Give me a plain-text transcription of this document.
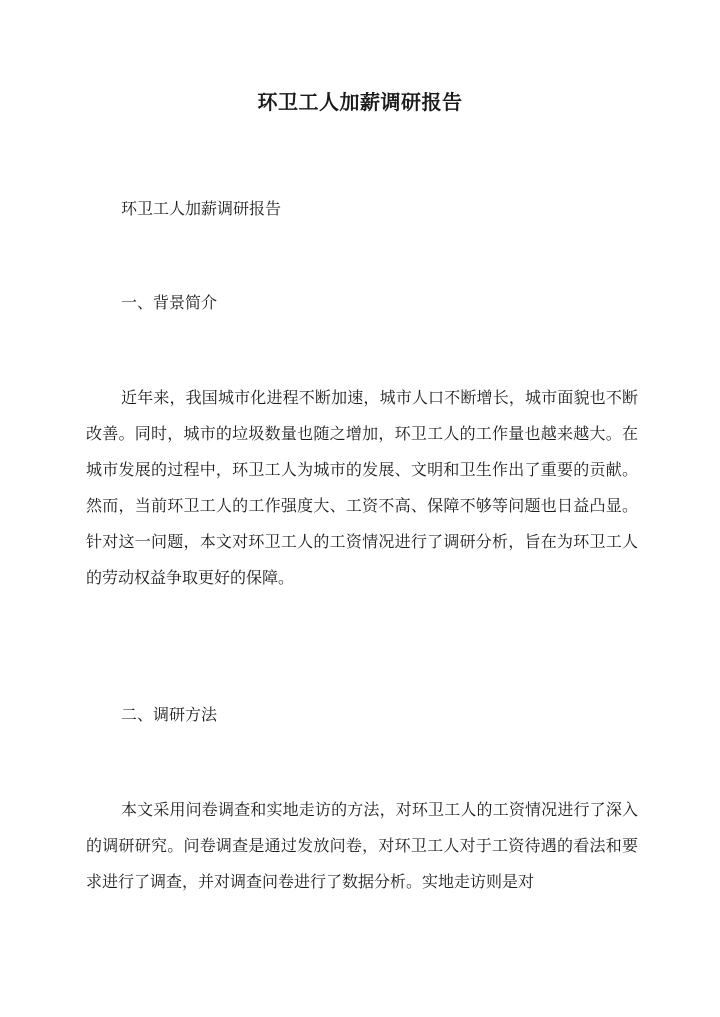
环卫工人加薪调研报告

环卫工人加薪调研报告

一、背景简介

近年来，我国城市化进程不断加速，城市人口不断增长，城市面貌也不断改善。同时，城市的垃圾数量也随之增加，环卫工人的工作量也越来越大。在城市发展的过程中，环卫工人为城市的发展、文明和卫生作出了重要的贡献。然而，当前环卫工人的工作强度大、工资不高、保障不够等问题也日益凸显。针对这一问题，本文对环卫工人的工资情况进行了调研分析，旨在为环卫工人的劳动权益争取更好的保障。

二、调研方法

本文采用问卷调查和实地走访的方法，对环卫工人的工资情况进行了深入的调研研究。问卷调查是通过发放问卷，对环卫工人对于工资待遇的看法和要求进行了调查，并对调查问卷进行了数据分析。实地走访则是对
